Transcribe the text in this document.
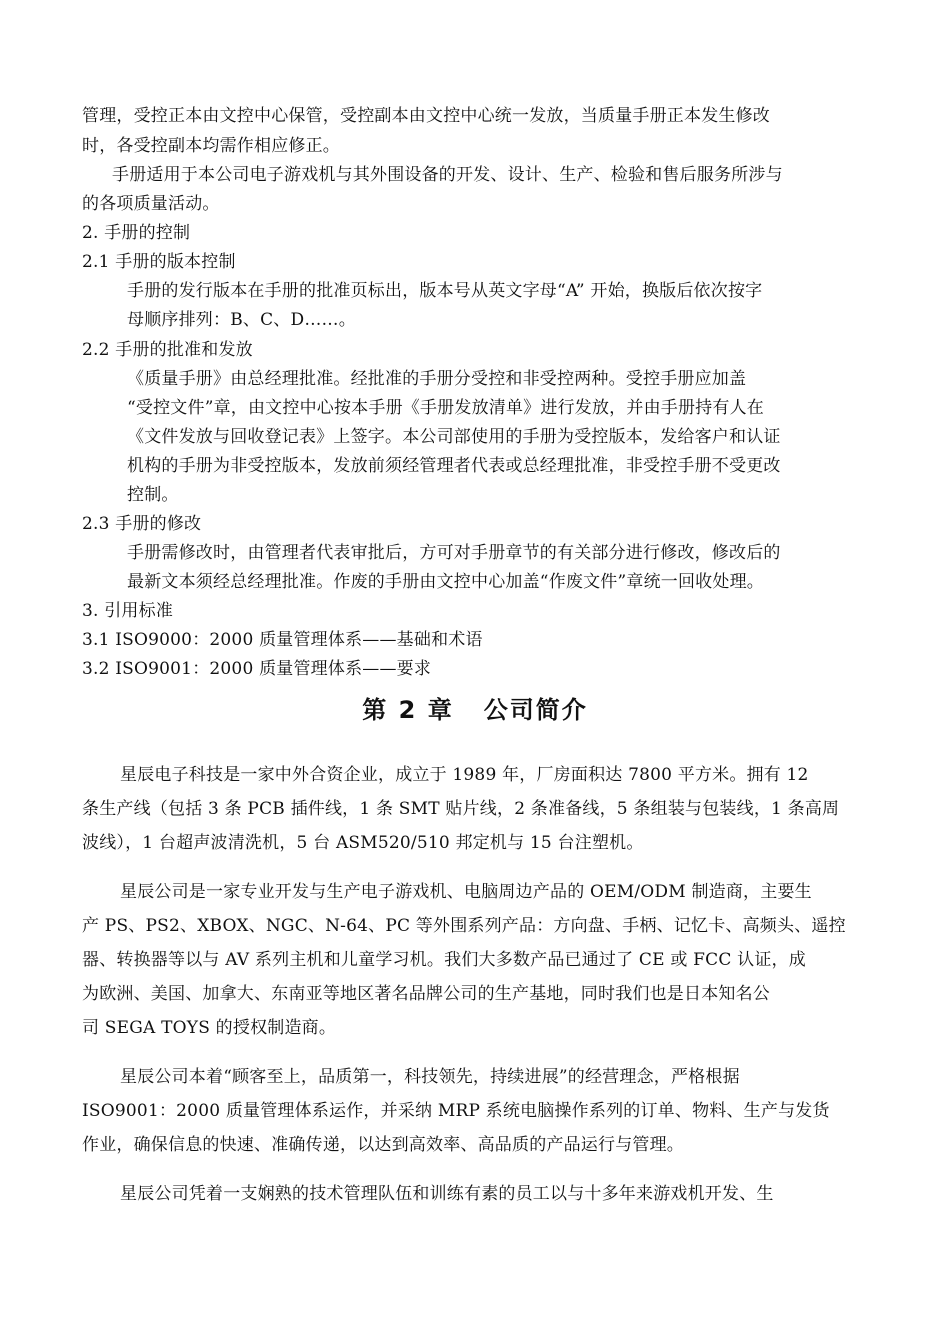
管理，受控正本由文控中心保管，受控副本由文控中心统一发放，当质量手册正本发生修改
时，各受控副本均需作相应修正。
手册适用于本公司电子游戏机与其外围设备的开发、设计、生产、检验和售后服务所涉与
的各项质量活动。
2. 手册的控制
2.1 手册的版本控制
手册的发行版本在手册的批准页标出，版本号从英文字母“A” 开始，换版后依次按字
母顺序排列：B、C、D……。
2.2 手册的批准和发放
《质量手册》由总经理批准。经批准的手册分受控和非受控两种。受控手册应加盖
“受控文件”章，由文控中心按本手册《手册发放清单》进行发放，并由手册持有人在
《文件发放与回收登记表》上签字。本公司部使用的手册为受控版本，发给客户和认证
机构的手册为非受控版本，发放前须经管理者代表或总经理批准，非受控手册不受更改
控制。
2.3 手册的修改
手册需修改时，由管理者代表审批后，方可对手册章节的有关部分进行修改，修改后的
最新文本须经总经理批准。作废的手册由文控中心加盖“作废文件”章统一回收处理。
3. 引用标准
3.1 ISO9000：2000 质量管理体系——基础和术语
3.2 ISO9001：2000 质量管理体系——要求
第 2 章 公司简介
星辰电子科技是一家中外合资企业，成立于 1989 年，厂房面积达 7800 平方米。拥有 12
条生产线（包括 3 条 PCB 插件线，1 条 SMT 贴片线，2 条准备线，5 条组装与包装线，1 条高周
波线），1 台超声波清洗机，5 台 ASM520/510 邦定机与 15 台注塑机。
星辰公司是一家专业开发与生产电子游戏机、电脑周边产品的 OEM/ODM 制造商，主要生
产 PS、PS2、XBOX、NGC、N-64、PC 等外围系列产品：方向盘、手柄、记忆卡、高频头、遥控
器、转换器等以与 AV 系列主机和儿童学习机。我们大多数产品已通过了 CE 或 FCC 认证，成
为欧洲、美国、加拿大、东南亚等地区著名品牌公司的生产基地，同时我们也是日本知名公
司 SEGA TOYS 的授权制造商。
星辰公司本着“顾客至上，品质第一，科技领先，持续进展”的经营理念，严格根据
ISO9001：2000 质量管理体系运作，并采纳 MRP 系统电脑操作系列的订单、物料、生产与发货
作业，确保信息的快速、准确传递，以达到高效率、高品质的产品运行与管理。
星辰公司凭着一支娴熟的技术管理队伍和训练有素的员工以与十多年来游戏机开发、生
